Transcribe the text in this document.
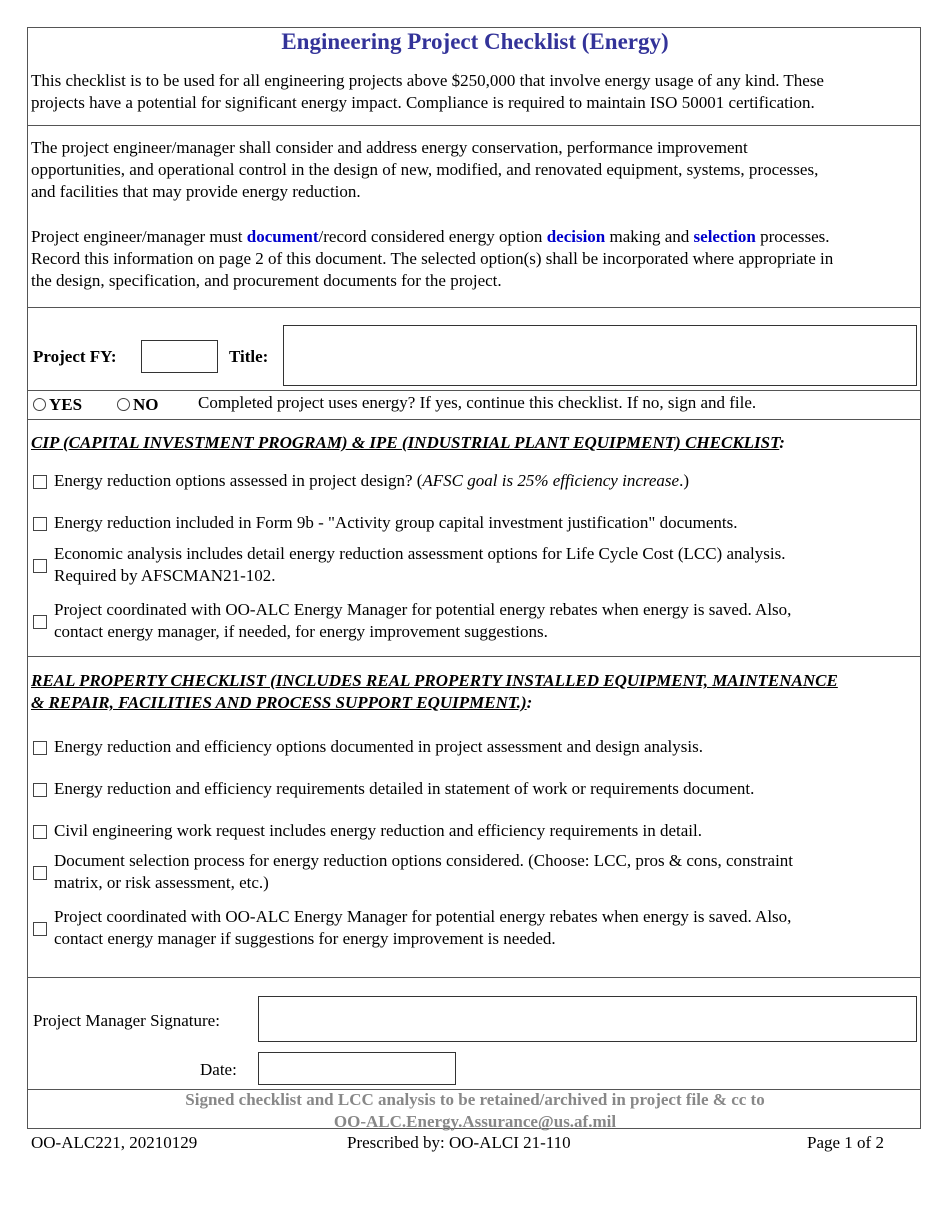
Engineering Project Checklist (Energy)
This checklist is to be used for all engineering projects above $250,000 that involve energy usage of any kind. These
projects have a potential for significant energy impact. Compliance is required to maintain ISO 50001 certification.
The project engineer/manager shall consider and address energy conservation, performance improvement
opportunities, and operational control in the design of new, modified, and renovated equipment, systems, processes,
and facilities that may provide energy reduction.
Project engineer/manager must document/record considered energy option decision making and selection processes.
Record this information on page 2 of this document. The selected option(s) shall be incorporated where appropriate in
the design, specification, and procurement documents for the project.
Project FY:	Title:
YES	NO Completed project uses energy? If yes, continue this checklist. If no, sign and file.
CIP (CAPITAL INVESTMENT PROGRAM) & IPE (INDUSTRIAL PLANT EQUIPMENT) CHECKLIST:
Energy reduction options assessed in project design? (AFSC goal is 25% efficiency increase.)
Energy reduction included in Form 9b - "Activity group capital investment justification" documents.
Economic analysis includes detail energy reduction assessment options for Life Cycle Cost (LCC) analysis.
Required by AFSCMAN21-102.
Project coordinated with OO-ALC Energy Manager for potential energy rebates when energy is saved. Also,
contact energy manager, if needed, for energy improvement suggestions.
REAL PROPERTY CHECKLIST (INCLUDES REAL PROPERTY INSTALLED EQUIPMENT, MAINTENANCE
& REPAIR, FACILITIES AND PROCESS SUPPORT EQUIPMENT.):
Energy reduction and efficiency options documented in project assessment and design analysis.
Energy reduction and efficiency requirements detailed in statement of work or requirements document.
Civil engineering work request includes energy reduction and efficiency requirements in detail.
Document selection process for energy reduction options considered. (Choose: LCC, pros & cons, constraint
matrix, or risk assessment, etc.)
Project coordinated with OO-ALC Energy Manager for potential energy rebates when energy is saved. Also,
contact energy manager if suggestions for energy improvement is needed.
Project Manager Signature:
Date:
Signed checklist and LCC analysis to be retained/archived in project file & cc to
OO-ALC.Energy.Assurance@us.af.mil
OO-ALC221, 20210129	Prescribed by: OO-ALCI 21-110	Page 1 of 2
